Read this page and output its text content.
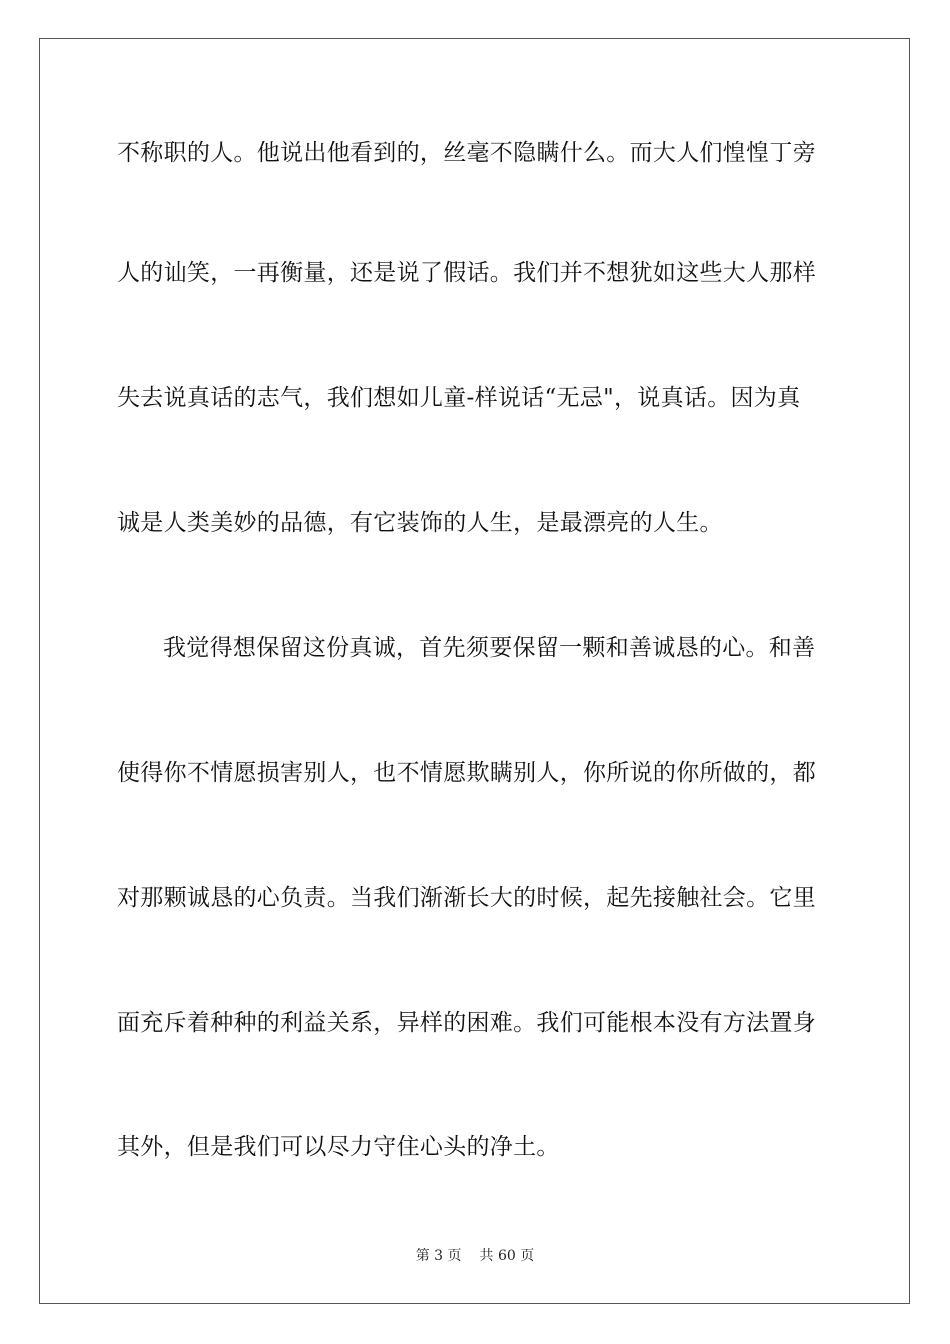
不称职的人。他说出他看到的，丝毫不隐瞒什么。而大人们惶惶丁旁
人的讪笑，一再衡量，还是说了假话。我们并不想犹如这些大人那样
失去说真话的志气，我们想如儿童-样说话“无忌"，说真话。因为真
诚是人类美妙的品德，有它装饰的人生，是最漂亮的人生。
我觉得想保留这份真诚，首先须要保留一颗和善诚恳的心。和善
使得你不情愿损害别人，也不情愿欺瞒别人，你所说的你所做的，都
对那颗诚恳的心负责。当我们渐渐长大的时候，起先接触社会。它里
面充斥着种种的利益关系，异样的困难。我们可能根本没有方法置身
其外，但是我们可以尽力守住心头的净土。
第 3 页 共 60 页
